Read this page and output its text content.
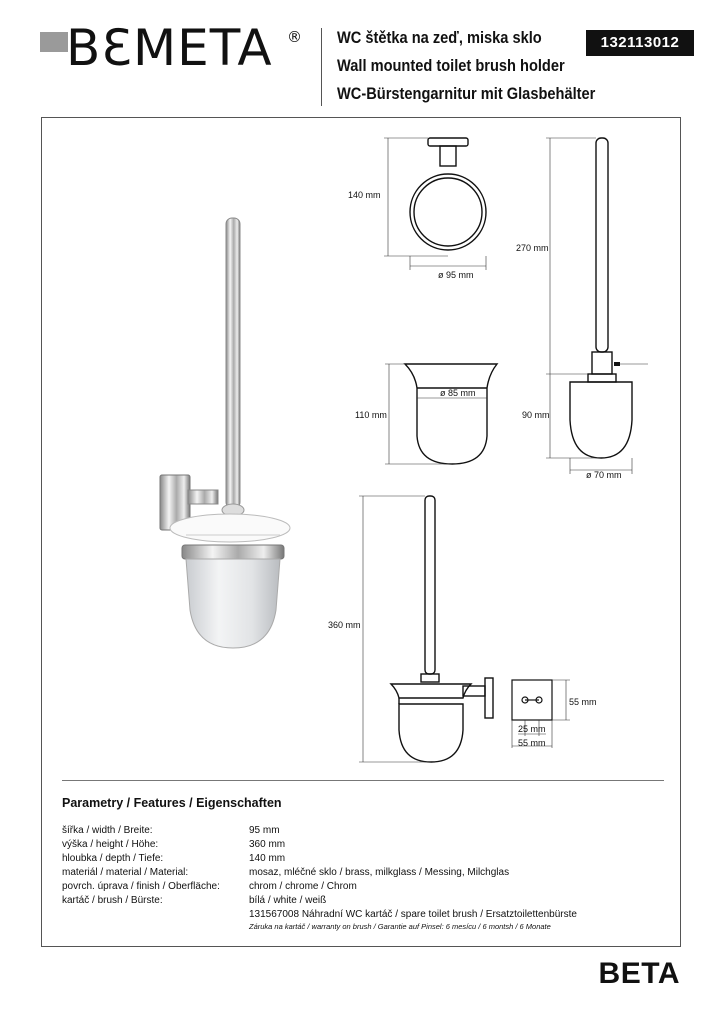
BƐMETA ® WC štětka na zeď, miska sklo
Wall mounted toilet brush holder
WC-Bürstengarnitur mit Glasbehälter
132113012
140 mm
ø 95 mm
110 mm
ø 85 mm
270 mm
90 mm
ø 70 mm
360 mm
55 mm
25 mm
55 mm
Parametry / Features / Eigenschaften
šířka / width / Breite:	95 mm
výška / height / Höhe:	360 mm
hloubka / depth / Tiefe:	140 mm
materiál / material / Material:	mosaz, mléčné sklo / brass, milkglass / Messing, Milchglas
povrch. úprava / finish / Oberfläche:	chrom / chrome / Chrom
kartáč / brush / Bürste:	bílá / white / weiß
131567008 Náhradní WC kartáč / spare toilet brush / Ersatztoilettenbürste
Záruka na kartáč / warranty on brush / Garantie auf Pinsel: 6 mesícu / 6 montsh / 6 Monate
BETA
